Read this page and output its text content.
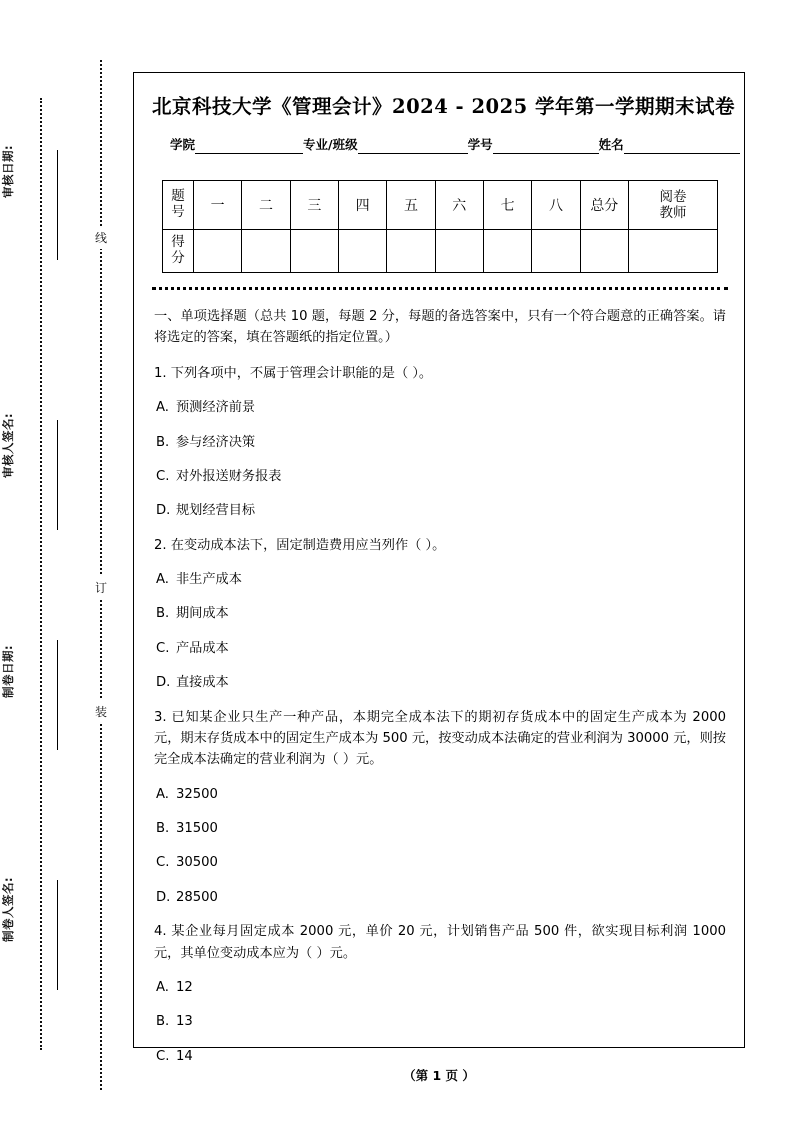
线
订
装
审核日期:
审核人签名:
制卷日期:
制卷人签名:
北京科技大学《管理会计》2024 - 2025 学年第一学期期末试卷
学院	专业/班级	学号	姓名
题
号	一	二	三	四	五	六	七	八	总分	阅卷
教师

得
分										

一、单项选择题（总共 10 题，每题 2 分，每题的备选答案中，只有一个符合题意的正确答案。请将选定的答案，填在答题纸的指定位置。）

1. 下列各项中，不属于管理会计职能的是（ ）。

A. 预测经济前景

B. 参与经济决策

C. 对外报送财务报表

D. 规划经营目标

2. 在变动成本法下，固定制造费用应当列作（ ）。

A. 非生产成本

B. 期间成本

C. 产品成本

D. 直接成本

3. 已知某企业只生产一种产品，本期完全成本法下的期初存货成本中的固定生产成本为 2000 元，期末存货成本中的固定生产成本为 500 元，按变动成本法确定的营业利润为 30000 元，则按完全成本法确定的营业利润为（ ）元。

A. 32500

B. 31500

C. 30500

D. 28500

4. 某企业每月固定成本 2000 元，单价 20 元，计划销售产品 500 件，欲实现目标利润 1000 元，其单位变动成本应为（ ）元。

A. 12

B. 13

C. 14

（第 1 页 ）
